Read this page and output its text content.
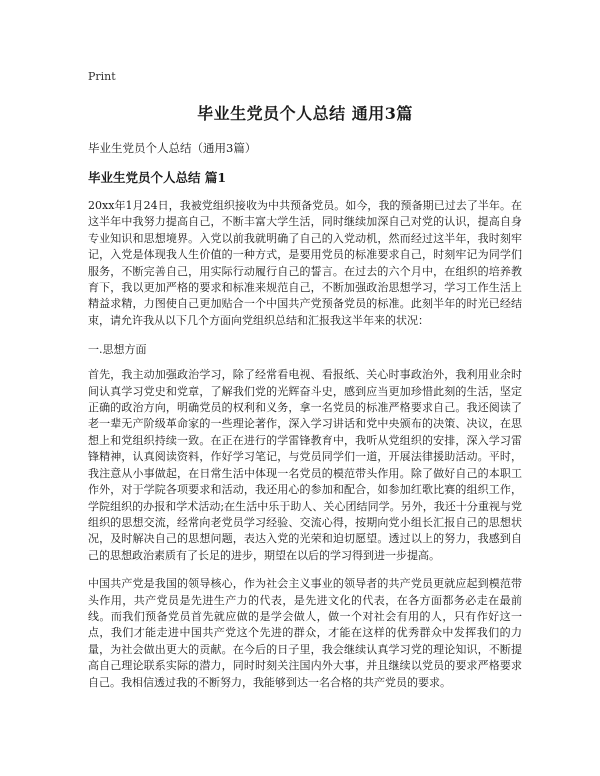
Print
毕业生党员个人总结 通用3篇
毕业生党员个人总结（通用3篇）
毕业生党员个人总结 篇1

20xx年1月24日，我被党组织接收为中共预备党员。如今，我的预备期已过去了半年。在这半年中我努力提高自己，不断丰富大学生活，同时继续加深自己对党的认识，提高自身专业知识和思想境界。入党以前我就明确了自己的入党动机，然而经过这半年，我时刻牢记，入党是体现我人生价值的一种方式，是要用党员的标准要求自己，时刻牢记为同学们服务，不断完善自己，用实际行动履行自己的誓言。在过去的六个月中，在组织的培养教育下，我以更加严格的要求和标准来规范自己，不断加强政治思想学习，学习工作生活上精益求精，力图使自己更加贴合一个中国共产党预备党员的标准。此刻半年的时光已经结束，请允许我从以下几个方面向党组织总结和汇报我这半年来的状况：

一.思想方面

首先，我主动加强政治学习，除了经常看电视、看报纸、关心时事政治外，我利用业余时间认真学习党史和党章，了解我们党的光辉奋斗史，感到应当更加珍惜此刻的生活，坚定正确的政治方向，明确党员的权利和义务，拿一名党员的标准严格要求自己。我还阅读了老一辈无产阶级革命家的一些理论著作，深入学习讲话和党中央颁布的决策、决议，在思想上和党组织持续一致。在正在进行的学雷锋教育中，我听从党组织的安排，深入学习雷锋精神，认真阅读资料，作好学习笔记，与党员同学们一道，开展法律援助活动。平时，我注意从小事做起，在日常生活中体现一名党员的模范带头作用。除了做好自己的本职工作外，对于学院各项要求和活动，我还用心的参加和配合，如参加红歌比赛的组织工作，学院组织的办报和学术活动;在生活中乐于助人、关心团结同学。另外，我还十分重视与党组织的思想交流，经常向老党员学习经验、交流心得，按期向党小组长汇报自己的思想状况，及时解决自己的思想问题，表达入党的光荣和迫切愿望。透过以上的努力，我感到自己的思想政治素质有了长足的进步，期望在以后的学习得到进一步提高。

中国共产党是我国的领导核心，作为社会主义事业的领导者的共产党员更就应起到模范带头作用，共产党员是先进生产力的代表，是先进文化的代表，在各方面都务必走在最前线。而我们预备党员首先就应做的是学会做人，做一个对社会有用的人，只有作好这一点，我们才能走进中国共产党这个先进的群众，才能在这样的优秀群众中发挥我们的力量，为社会做出更大的贡献。在今后的日子里，我会继续认真学习党的理论知识，不断提高自己理论联系实际的潜力，同时时刻关注国内外大事，并且继续以党员的要求严格要求自己。我相信透过我的不断努力，我能够到达一名合格的共产党员的要求。
